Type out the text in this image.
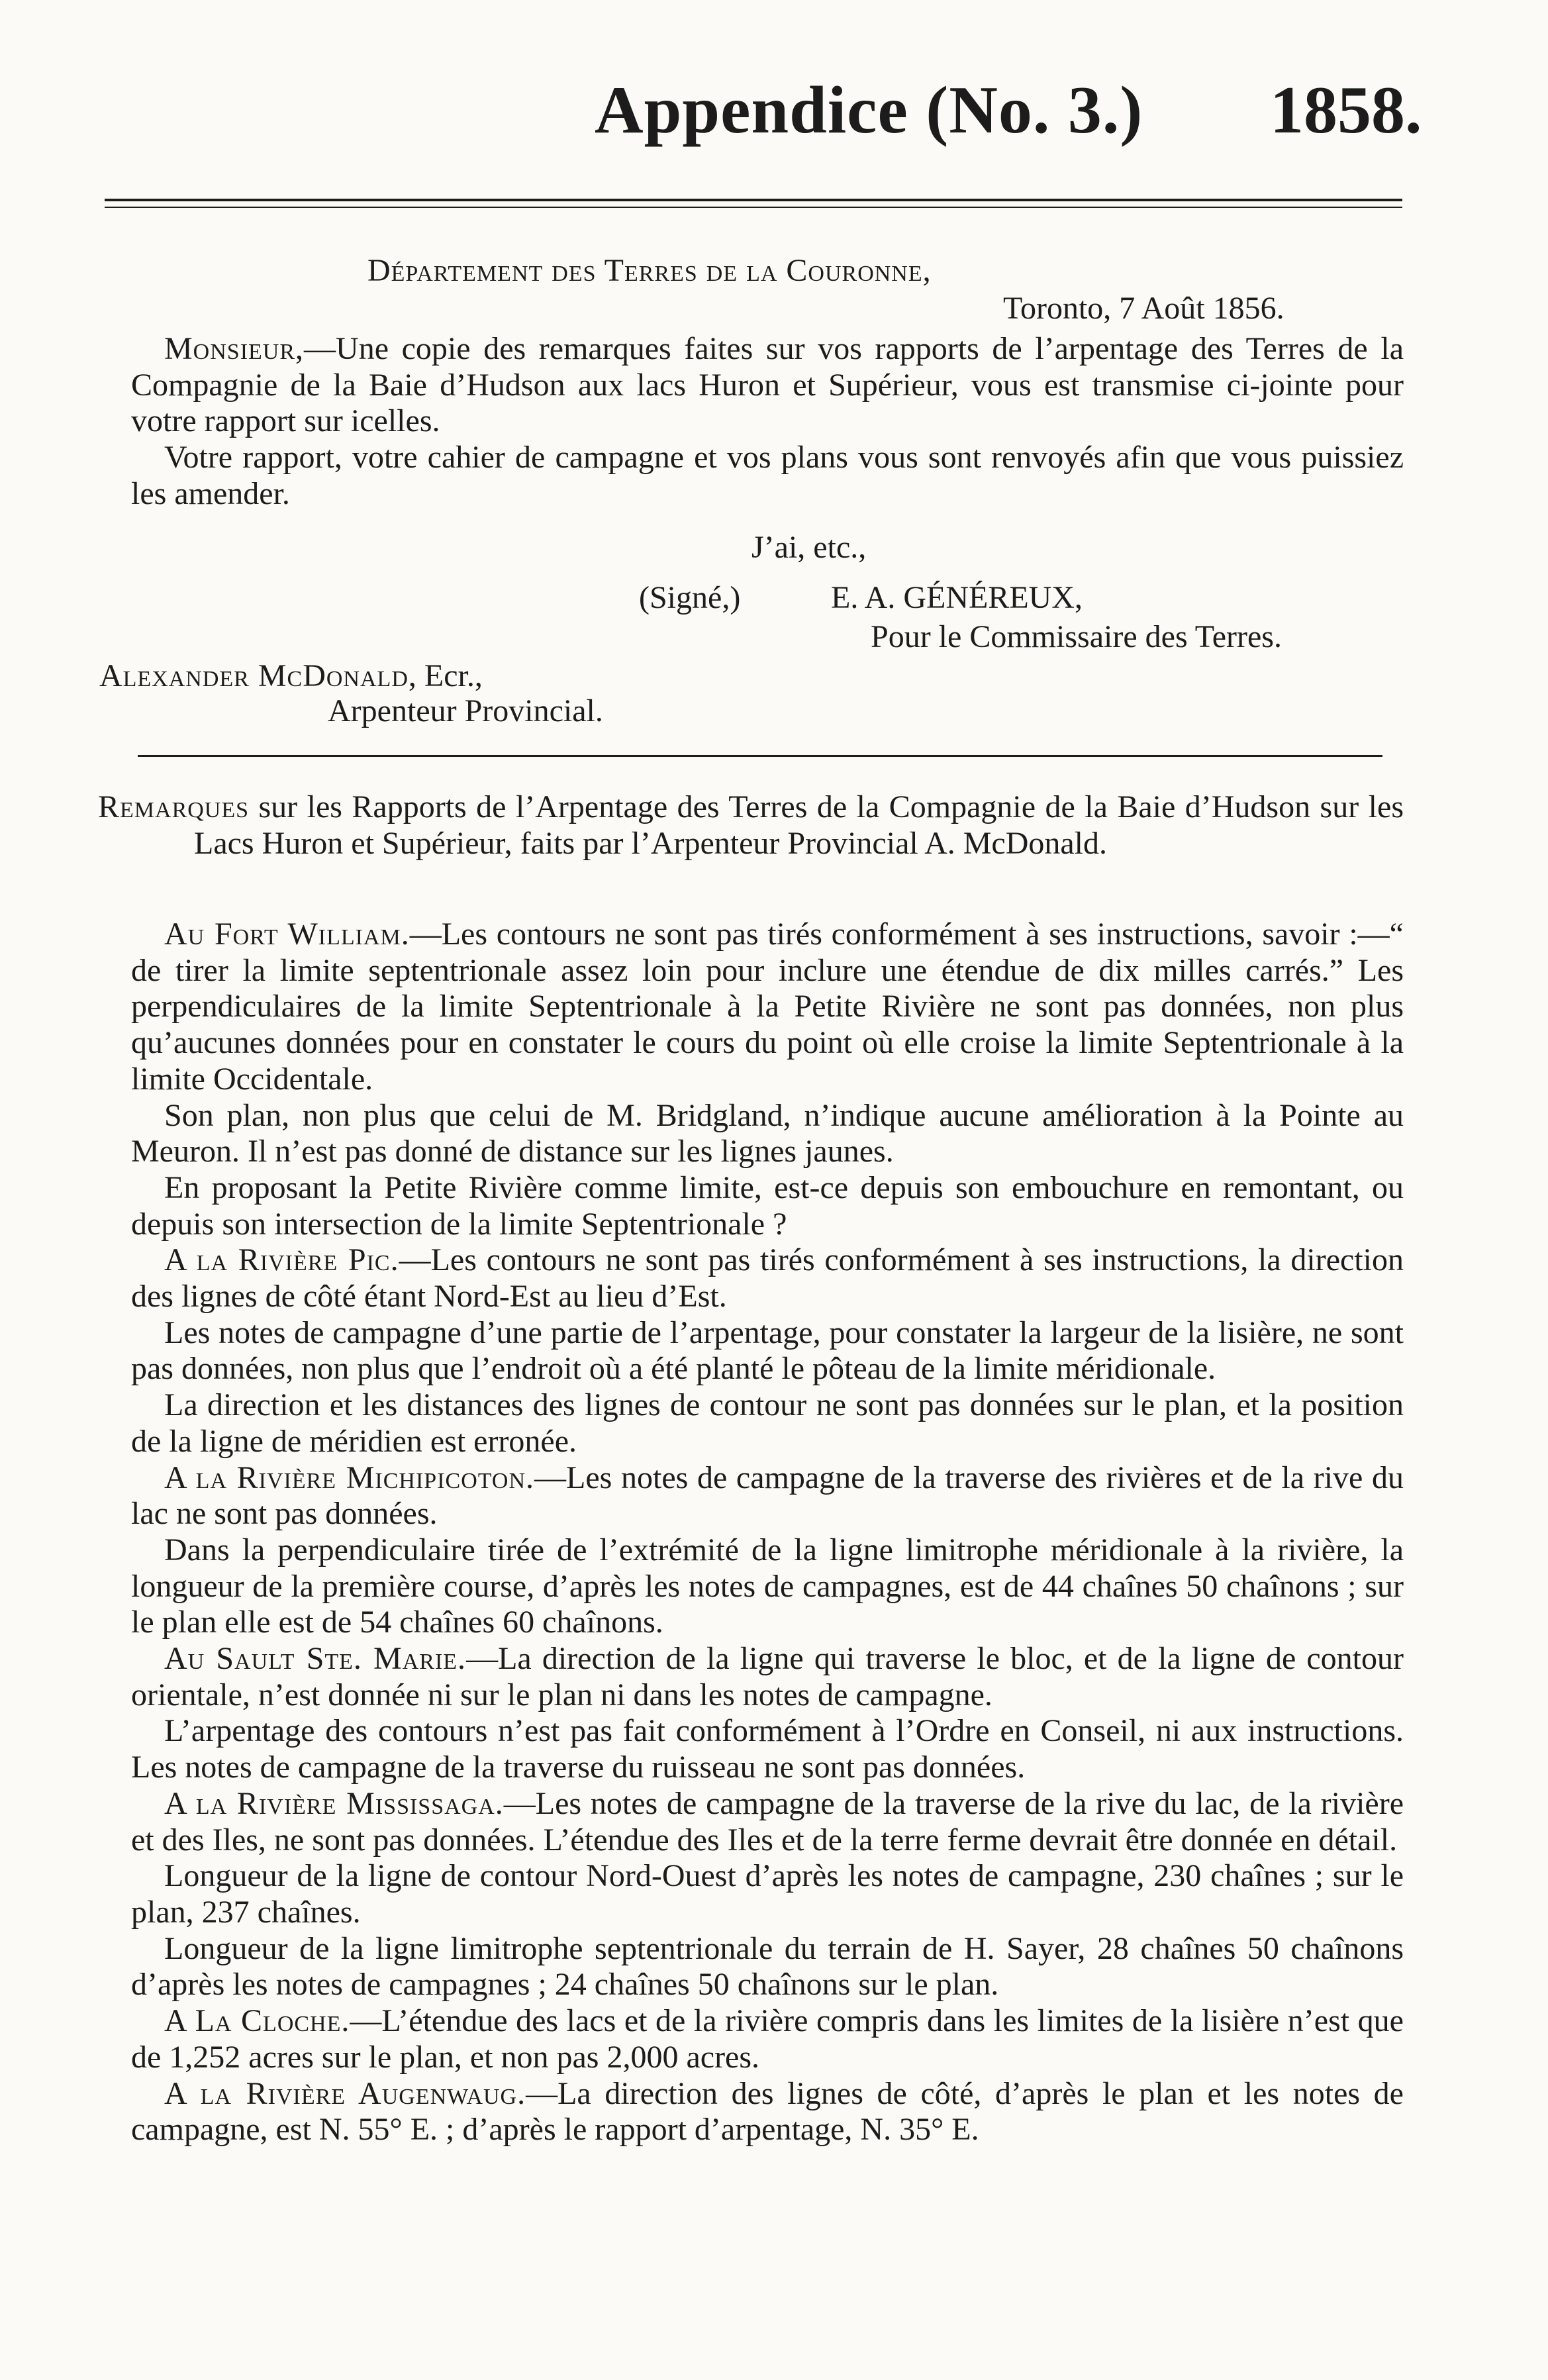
Appendice (No. 3.) 1858.
Département des Terres de la Couronne,
Toronto, 7 Août 1856.

Monsieur,—Une copie des remarques faites sur vos rapports de l’arpentage des Terres de la Compagnie de la Baie d’Hudson aux lacs Huron et Supérieur, vous est transmise ci-jointe pour votre rapport sur icelles.

Votre rapport, votre cahier de campagne et vos plans vous sont renvoyés afin que vous puissiez les amender.

J’ai, etc.,
(Signé,)	E. A. GÉNÉREUX,
Pour le Commissaire des Terres.
Alexander McDonald, Ecr.,
Arpenteur Provincial.

Remarques sur les Rapports de l’Arpentage des Terres de la Compagnie de la Baie d’Hudson sur les Lacs Huron et Supérieur, faits par l’Arpenteur Provincial A. McDonald.

Au Fort William.—Les contours ne sont pas tirés conformément à ses instructions, savoir :—“ de tirer la limite septentrionale assez loin pour inclure une étendue de dix milles carrés.” Les perpendiculaires de la limite Septentrionale à la Petite Rivière ne sont pas données, non plus qu’aucunes données pour en constater le cours du point où elle croise la limite Septentrionale à la limite Occidentale.

Son plan, non plus que celui de M. Bridgland, n’indique aucune amélioration à la Pointe au Meuron. Il n’est pas donné de distance sur les lignes jaunes.

En proposant la Petite Rivière comme limite, est-ce depuis son embouchure en remontant, ou depuis son intersection de la limite Septentrionale ?

A la Rivière Pic.—Les contours ne sont pas tirés conformément à ses instructions, la direction des lignes de côté étant Nord-Est au lieu d’Est.

Les notes de campagne d’une partie de l’arpentage, pour constater la largeur de la lisière, ne sont pas données, non plus que l’endroit où a été planté le pôteau de la limite méridionale.

La direction et les distances des lignes de contour ne sont pas données sur le plan, et la position de la ligne de méridien est erronée.

A la Rivière Michipicoton.—Les notes de campagne de la traverse des rivières et de la rive du lac ne sont pas données.

Dans la perpendiculaire tirée de l’extrémité de la ligne limitrophe méridionale à la rivière, la longueur de la première course, d’après les notes de campagnes, est de 44 chaînes 50 chaînons ; sur le plan elle est de 54 chaînes 60 chaînons.

Au Sault Ste. Marie.—La direction de la ligne qui traverse le bloc, et de la ligne de contour orientale, n’est donnée ni sur le plan ni dans les notes de campagne.

L’arpentage des contours n’est pas fait conformément à l’Ordre en Conseil, ni aux instructions. Les notes de campagne de la traverse du ruisseau ne sont pas données.

A la Rivière Mississaga.—Les notes de campagne de la traverse de la rive du lac, de la rivière et des Iles, ne sont pas données. L’étendue des Iles et de la terre ferme devrait être donnée en détail.

Longueur de la ligne de contour Nord-Ouest d’après les notes de campagne, 230 chaînes ; sur le plan, 237 chaînes.

Longueur de la ligne limitrophe septentrionale du terrain de H. Sayer, 28 chaînes 50 chaînons d’après les notes de campagnes ; 24 chaînes 50 chaînons sur le plan.

A La Cloche.—L’étendue des lacs et de la rivière compris dans les limites de la lisière n’est que de 1,252 acres sur le plan, et non pas 2,000 acres.

A la Rivière Augenwaug.—La direction des lignes de côté, d’après le plan et les notes de campagne, est N. 55° E. ; d’après le rapport d’arpentage, N. 35° E.
